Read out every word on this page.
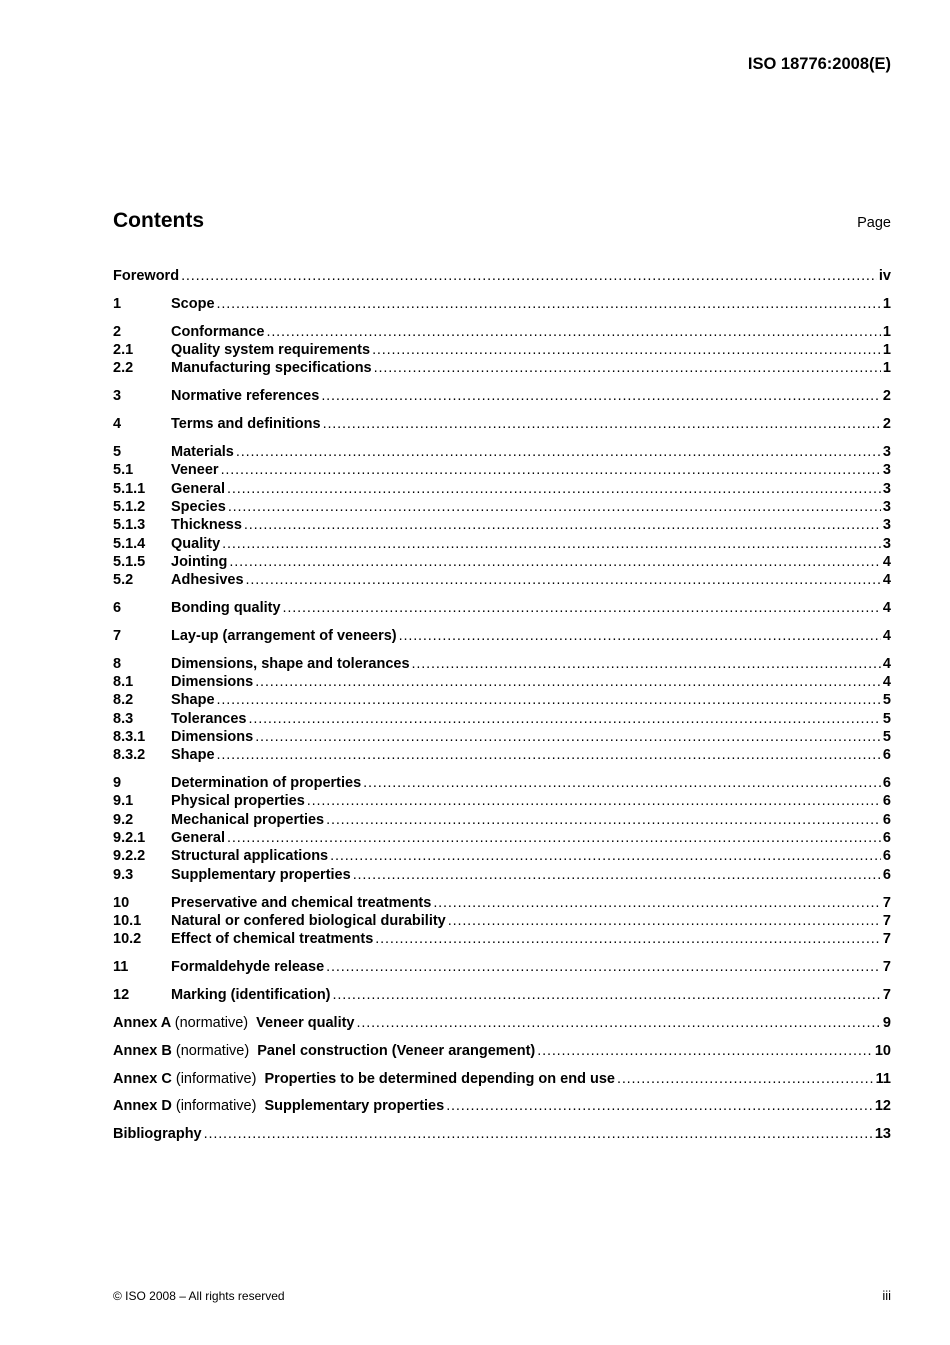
ISO 18776:2008(E)
Contents	Page
Foreword . . .	iv
1	Scope . . .	1
2	Conformance . . .	1
2.1	Quality system requirements . . .	1
2.2	Manufacturing specifications . . .	1
3	Normative references . . .	2
4	Terms and definitions . . .	2
5	Materials . . .	3
5.1	Veneer . . .	3
5.1.1	General . . .	3
5.1.2	Species . . .	3
5.1.3	Thickness . . .	3
5.1.4	Quality . . .	3
5.1.5	Jointing . . .	4
5.2	Adhesives . . .	4
6	Bonding quality . . .	4
7	Lay-up (arrangement of veneers) . . .	4
8	Dimensions, shape and tolerances . . .	4
8.1	Dimensions . . .	4
8.2	Shape . . .	5
8.3	Tolerances . . .	5
8.3.1	Dimensions . . .	5
8.3.2	Shape . . .	6
9	Determination of properties . . .	6
9.1	Physical properties . . .	6
9.2	Mechanical properties . . .	6
9.2.1	General . . .	6
9.2.2	Structural applications . . .	6
9.3	Supplementary properties . . .	6
10	Preservative and chemical treatments . . .	7
10.1	Natural or confered biological durability . . .	7
10.2	Effect of chemical treatments . . .	7
11	Formaldehyde release . . .	7
12	Marking (identification) . . .	7
Annex A (normative) Veneer quality . . .	9
Annex B (normative) Panel construction (Veneer arangement) . . .	10
Annex C (informative) Properties to be determined depending on end use . . .	11
Annex D (informative) Supplementary properties . . .	12
Bibliography . . .	13
© ISO 2008 – All rights reserved	iii
